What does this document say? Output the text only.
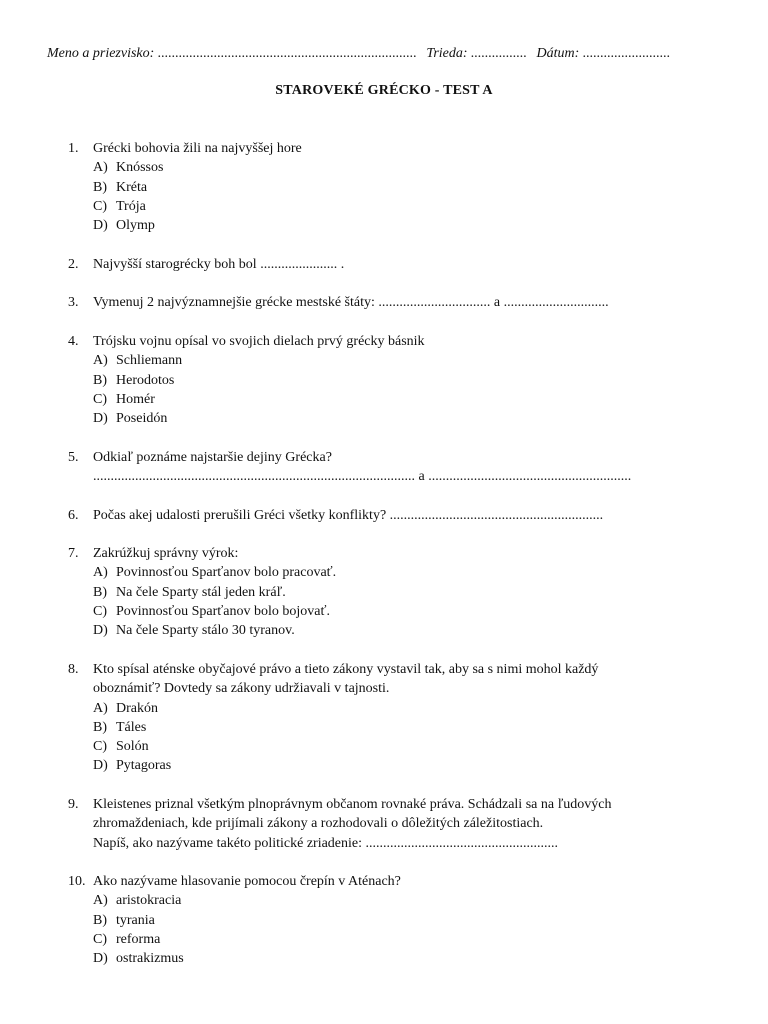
Meno a priezvisko: .......................................................................... Trieda: ................ Dátum: .........................
STAROVEKÉ GRÉCKO - TEST A
1.	Grécki bohovia žili na najvyššej hore
A) Knóssos
B) Kréta
C) Trója
D) Olymp
2.	Najvyšší starogrécky boh bol ...................... .
3.	Vymenuj 2 najvýznamnejšie grécke mestské štáty: ................................ a ..............................
4.	Trójsku vojnu opísal vo svojich dielach prvý grécky básnik
A) Schliemann
B) Herodotos
C) Homér
D) Poseidón
5.	Odkiaľ poznáme najstaršie dejiny Grécka?
............................................................................................ a ..........................................................
6.	Počas akej udalosti prerušili Gréci všetky konflikty? .............................................................
7.	Zakrúžkuj správny výrok:
A) Povinnosťou Sparťanov bolo pracovať.
B) Na čele Sparty stál jeden kráľ.
C) Povinnosťou Sparťanov bolo bojovať.
D) Na čele Sparty stálo 30 tyranov.
8.	Kto spísal aténske obyčajové právo a tieto zákony vystavil tak, aby sa s nimi mohol každý
oboznámiť? Dovtedy sa zákony udržiavali v tajnosti.
A) Drakón
B) Táles
C) Solón
D) Pytagoras
9.	Kleistenes priznal všetkým plnoprávnym občanom rovnaké práva. Schádzali sa na ľudových
zhromaždeniach, kde prijímali zákony a rozhodovali o dôležitých záležitostiach.
Napíš, ako nazývame takéto politické zriadenie: .......................................................
10. Ako nazývame hlasovanie pomocou črepín v Aténach?
A) aristokracia
B) tyrania
C) reforma
D) ostrakizmus
